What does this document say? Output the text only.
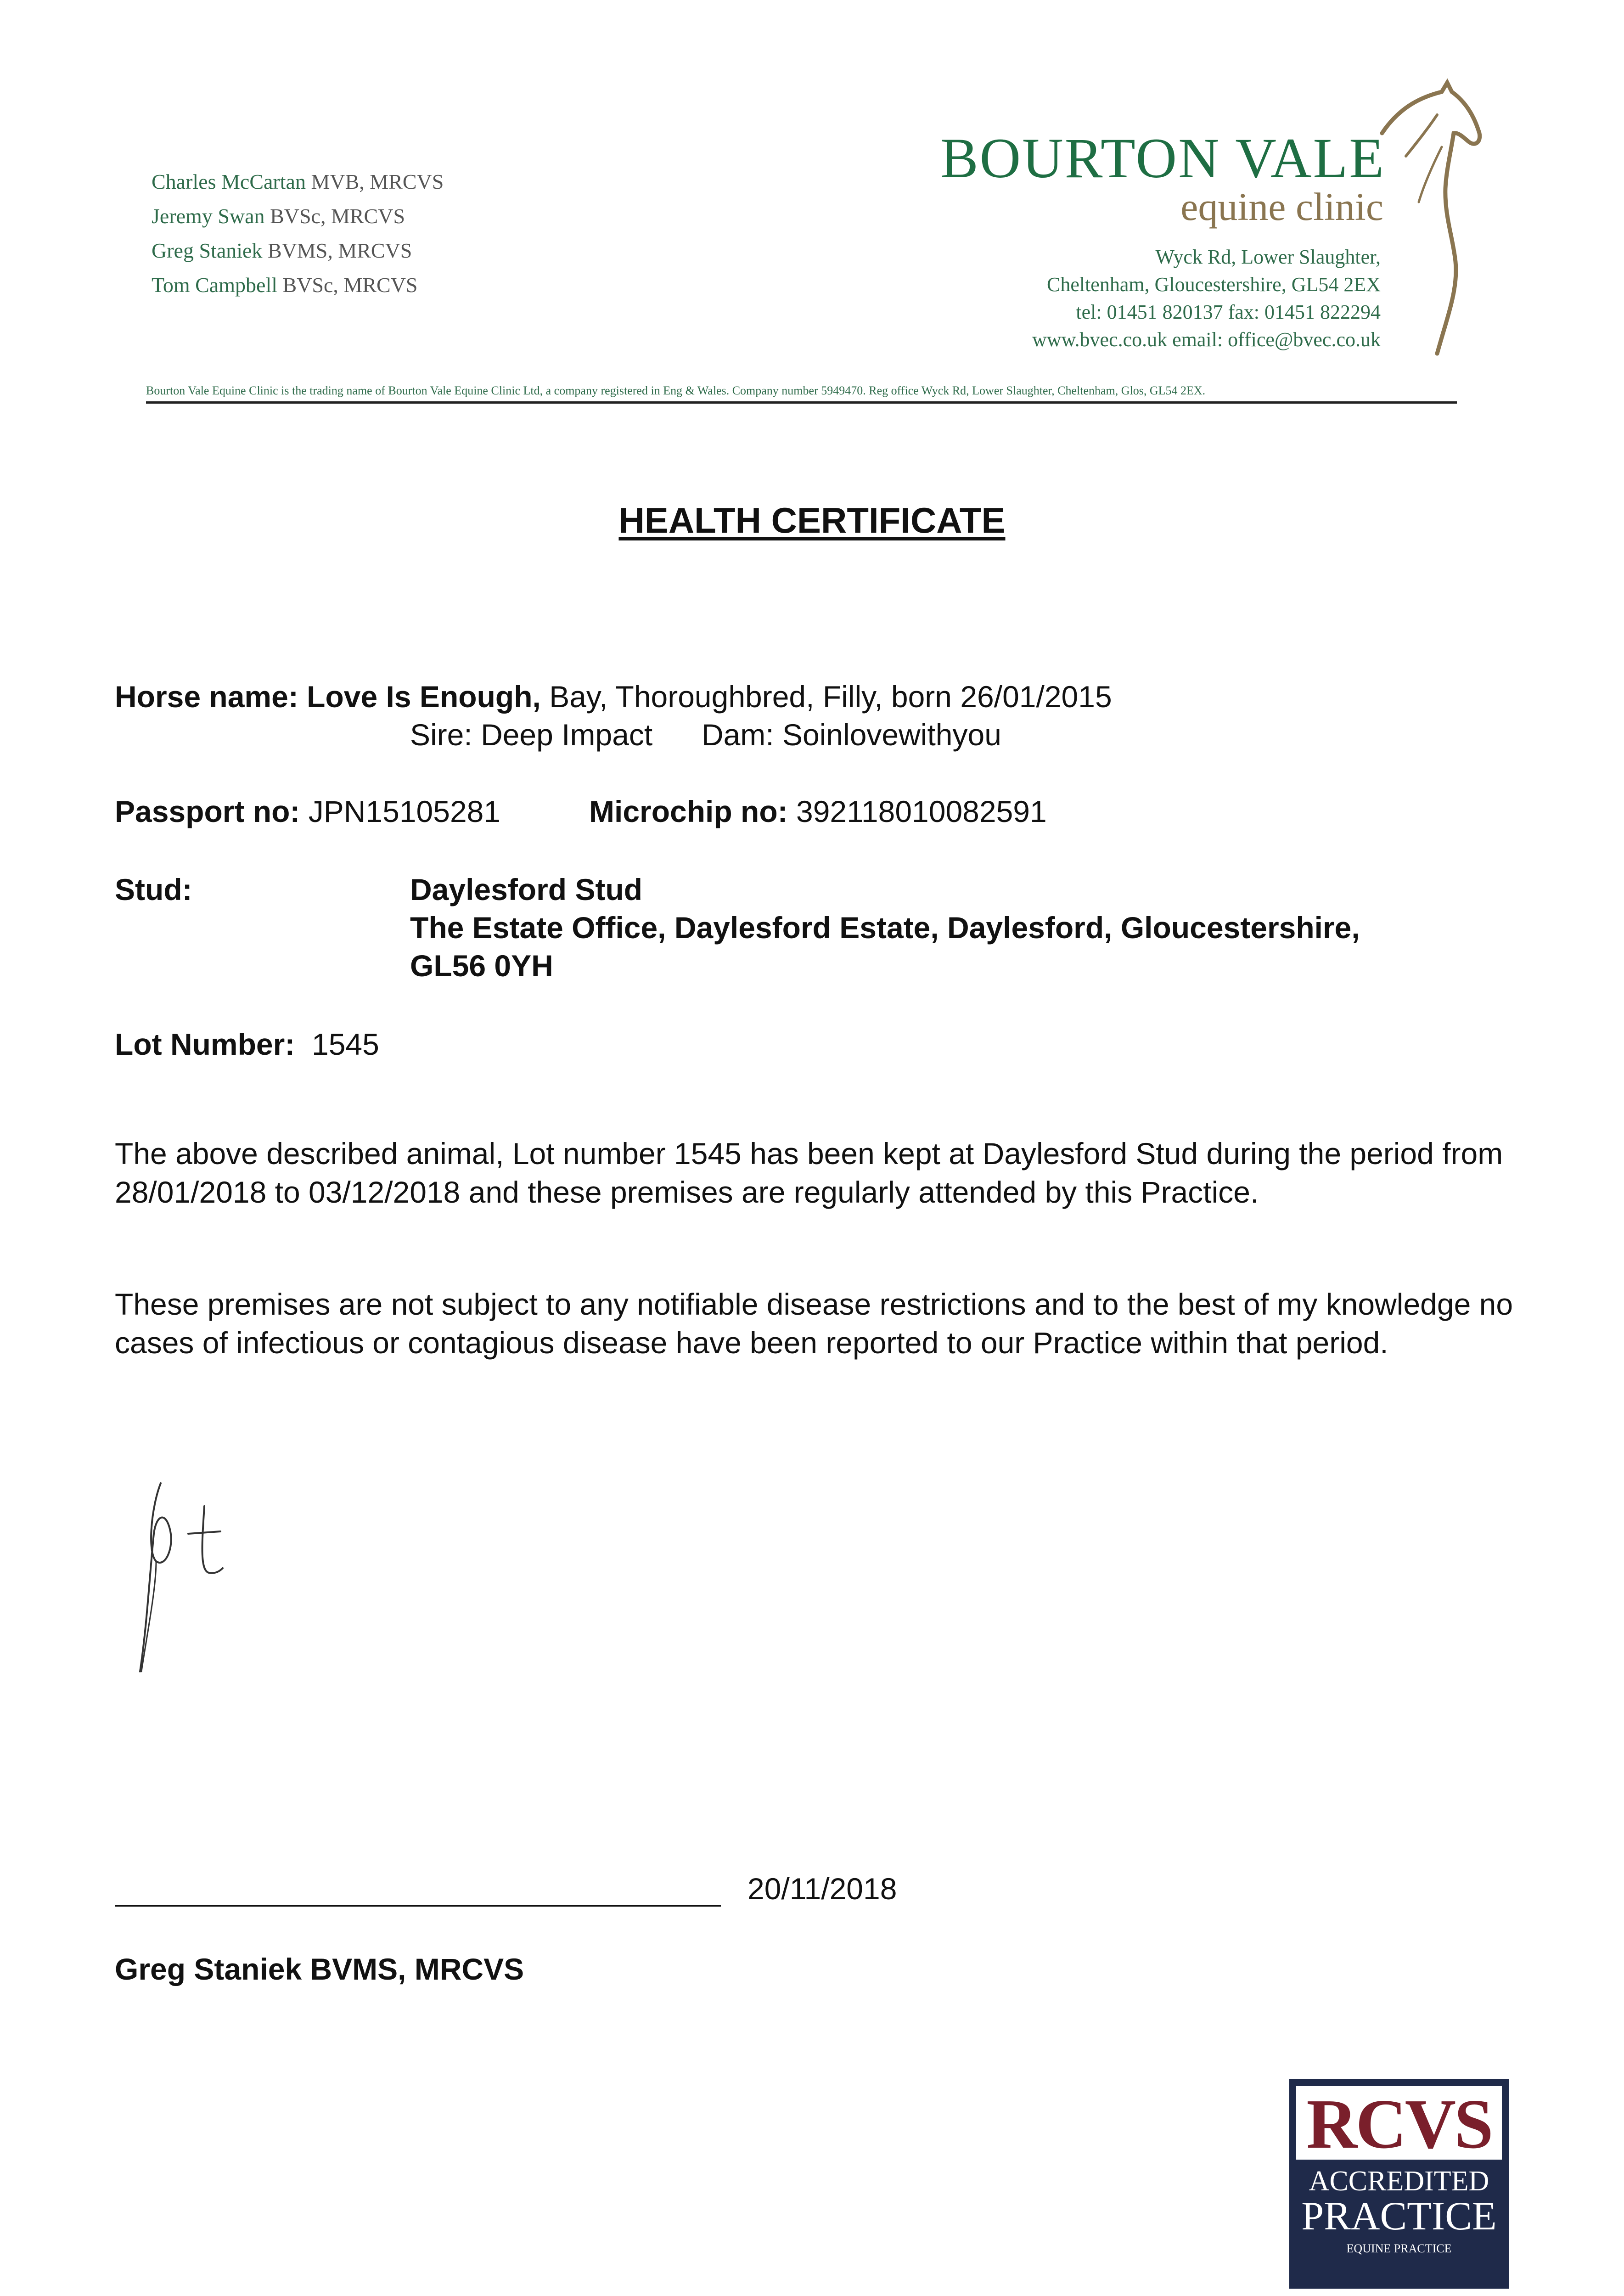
Charles McCartan MVB, MRCVS
Jeremy Swan BVSc, MRCVS
Greg Staniek BVMS, MRCVS
Tom Campbell BVSc, MRCVS
BOURTON VALE
equine clinic
Wyck Rd, Lower Slaughter,
Cheltenham, Gloucestershire, GL54 2EX
tel: 01451 820137 fax: 01451 822294
www.bvec.co.uk email: office@bvec.co.uk
Bourton Vale Equine Clinic is the trading name of Bourton Vale Equine Clinic Ltd, a company registered in Eng & Wales. Company number 5949470. Reg office Wyck Rd, Lower Slaughter, Cheltenham, Glos, GL54 2EX.
HEALTH CERTIFICATE
Horse name: Love Is Enough, Bay, Thoroughbred, Filly, born 26/01/2015
Sire: Deep Impact Dam: Soinlovewithyou
Passport no: JPN15105281	Microchip no: 392118010082591
Stud:	Daylesford Stud
The Estate Office, Daylesford Estate, Daylesford, Gloucestershire,
GL56 0YH
Lot Number: 1545
The above described animal, Lot number 1545 has been kept at Daylesford Stud during the period from 28/01/2018 to 03/12/2018 and these premises are regularly attended by this Practice.
These premises are not subject to any notifiable disease restrictions and to the best of my knowledge no cases of infectious or contagious disease have been reported to our Practice within that period.
20/11/2018
Greg Staniek BVMS, MRCVS
RCVS
ACCREDITED
PRACTICE
EQUINE PRACTICE
